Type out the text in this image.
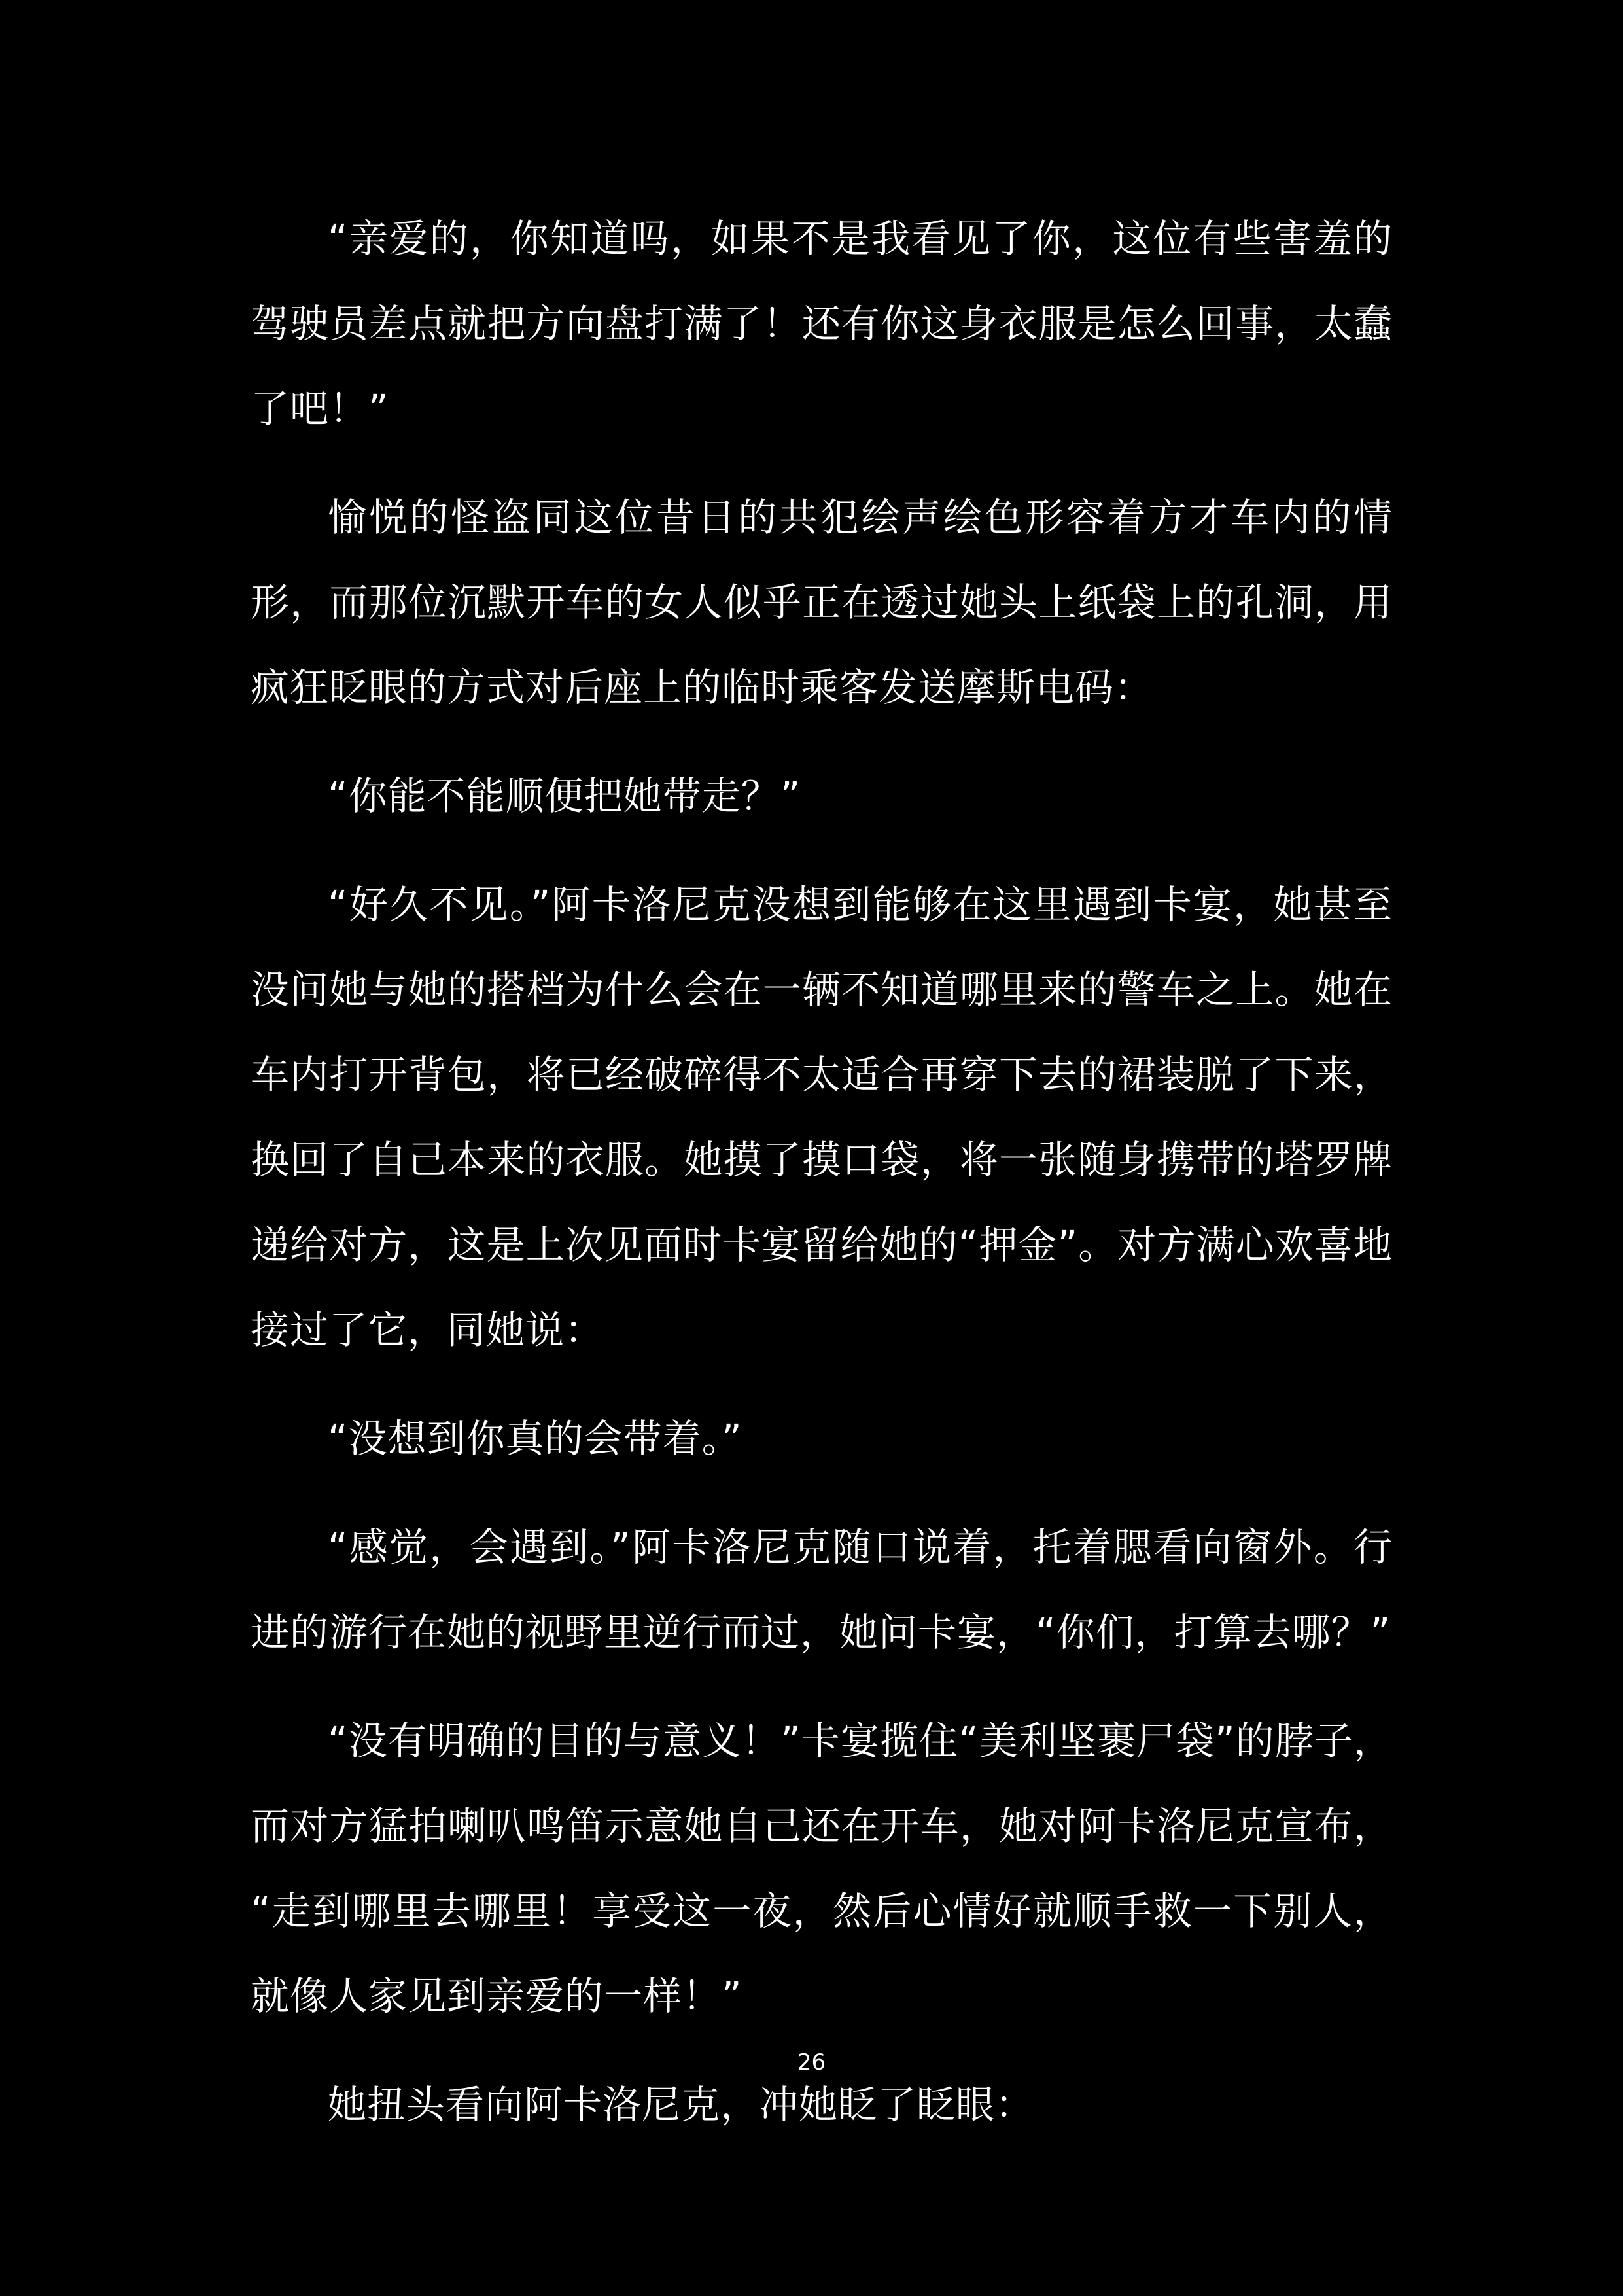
“亲爱的，你知道吗，如果不是我看见了你，这位有些害羞的驾驶员差点就把方向盘打满了！还有你这身衣服是怎么回事，太蠢了吧！”

愉悦的怪盗同这位昔日的共犯绘声绘色形容着方才车内的情形，而那位沉默开车的女人似乎正在透过她头上纸袋上的孔洞，用疯狂眨眼的方式对后座上的临时乘客发送摩斯电码：

“你能不能顺便把她带走？”

“好久不见。”阿卡洛尼克没想到能够在这里遇到卡宴，她甚至没问她与她的搭档为什么会在一辆不知道哪里来的警车之上。她在车内打开背包，将已经破碎得不太适合再穿下去的裙装脱了下来，换回了自己本来的衣服。她摸了摸口袋，将一张随身携带的塔罗牌递给对方，这是上次见面时卡宴留给她的“押金”。对方满心欢喜地接过了它，同她说：

“没想到你真的会带着。”

“感觉，会遇到。”阿卡洛尼克随口说着，托着腮看向窗外。行进的游行在她的视野里逆行而过，她问卡宴，“你们，打算去哪？”

“没有明确的目的与意义！”卡宴揽住“美利坚裹尸袋”的脖子，而对方猛拍喇叭鸣笛示意她自己还在开车，她对阿卡洛尼克宣布，“走到哪里去哪里！享受这一夜，然后心情好就顺手救一下别人，就像人家见到亲爱的一样！”

她扭头看向阿卡洛尼克，冲她眨了眨眼：

26
